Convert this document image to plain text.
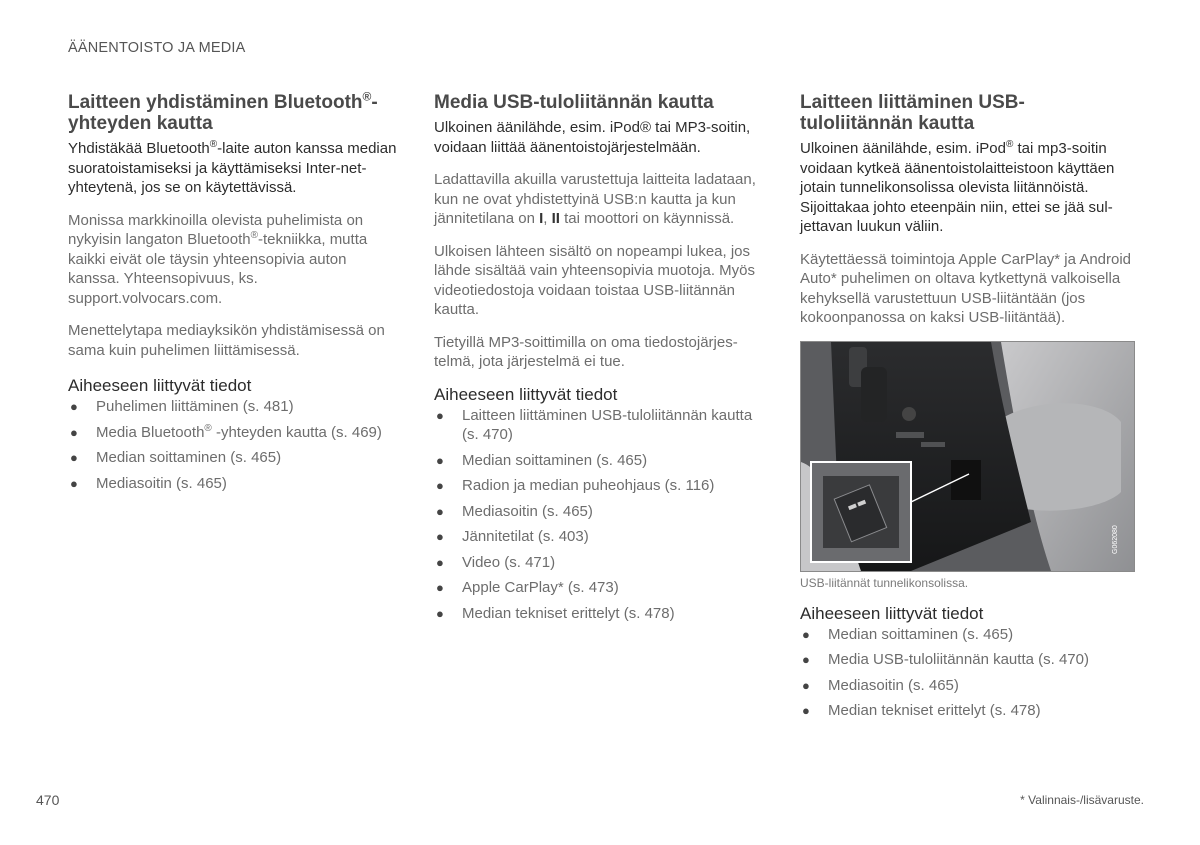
ÄÄNENTOISTO JA MEDIA
Laitteen yhdistäminen Bluetooth®-
yhteyden kautta

Yhdistäkää Bluetooth®-laite auton kanssa median suoratoistamiseksi ja käyttämiseksi Inter-net-yhteytenä, jos se on käytettävissä.

Monissa markkinoilla olevista puhelimista on nykyisin langaton Bluetooth®-tekniikka, mutta kaikki eivät ole täysin yhteensopivia auton kanssa. Yhteensopivuus, ks. support.volvocars.com.

Menettelytapa mediayksikön yhdistämisessä on sama kuin puhelimen liittämisessä.

Aiheeseen liittyvät tiedot
● Puhelimen liittäminen (s. 481)
● Media Bluetooth® -yhteyden kautta (s. 469)
● Median soittaminen (s. 465)
● Mediasoitin (s. 465)
Media USB-tuloliitännän kautta

Ulkoinen äänilähde, esim. iPod® tai MP3-soitin, voidaan liittää äänentoistojärjestelmään.

Ladattavilla akuilla varustettuja laitteita ladataan, kun ne ovat yhdistettyinä USB:n kautta ja kun jännitetilana on I, II tai moottori on käynnissä.

Ulkoisen lähteen sisältö on nopeampi lukea, jos lähde sisältää vain yhteensopivia muotoja. Myös videotiedostoja voidaan toistaa USB-liitännän kautta.

Tietyillä MP3-soittimilla on oma tiedostojärjes-telmä, jota järjestelmä ei tue.

Aiheeseen liittyvät tiedot
● Laitteen liittäminen USB-tuloliitännän kautta (s. 470)
● Median soittaminen (s. 465)
● Radion ja median puheohjaus (s. 116)
● Mediasoitin (s. 465)
● Jännitetilat (s. 403)
● Video (s. 471)
● Apple CarPlay* (s. 473)
● Median tekniset erittelyt (s. 478)
Laitteen liittäminen USB-
tuloliitännän kautta

Ulkoinen äänilähde, esim. iPod® tai mp3-soitin voidaan kytkeä äänentoistolaitteistoon käyttäen jotain tunnelikonsolissa olevista liitännöistä. Sijoittakaa johto eteenpäin niin, ettei se jää sul-jettavan luukun väliin.

Käytettäessä toimintoja Apple CarPlay* ja Android Auto* puhelimen on oltava kytkettynä valkoisella kehyksellä varustettuun USB-liitäntään (jos kokoonpanossa on kaksi USB-liitäntää).

G062080
USB-liitännät tunnelikonsolissa.
Aiheeseen liittyvät tiedot
● Median soittaminen (s. 465)
● Media USB-tuloliitännän kautta (s. 470)
● Mediasoitin (s. 465)
● Median tekniset erittelyt (s. 478)
470	* Valinnais-/lisävaruste.
